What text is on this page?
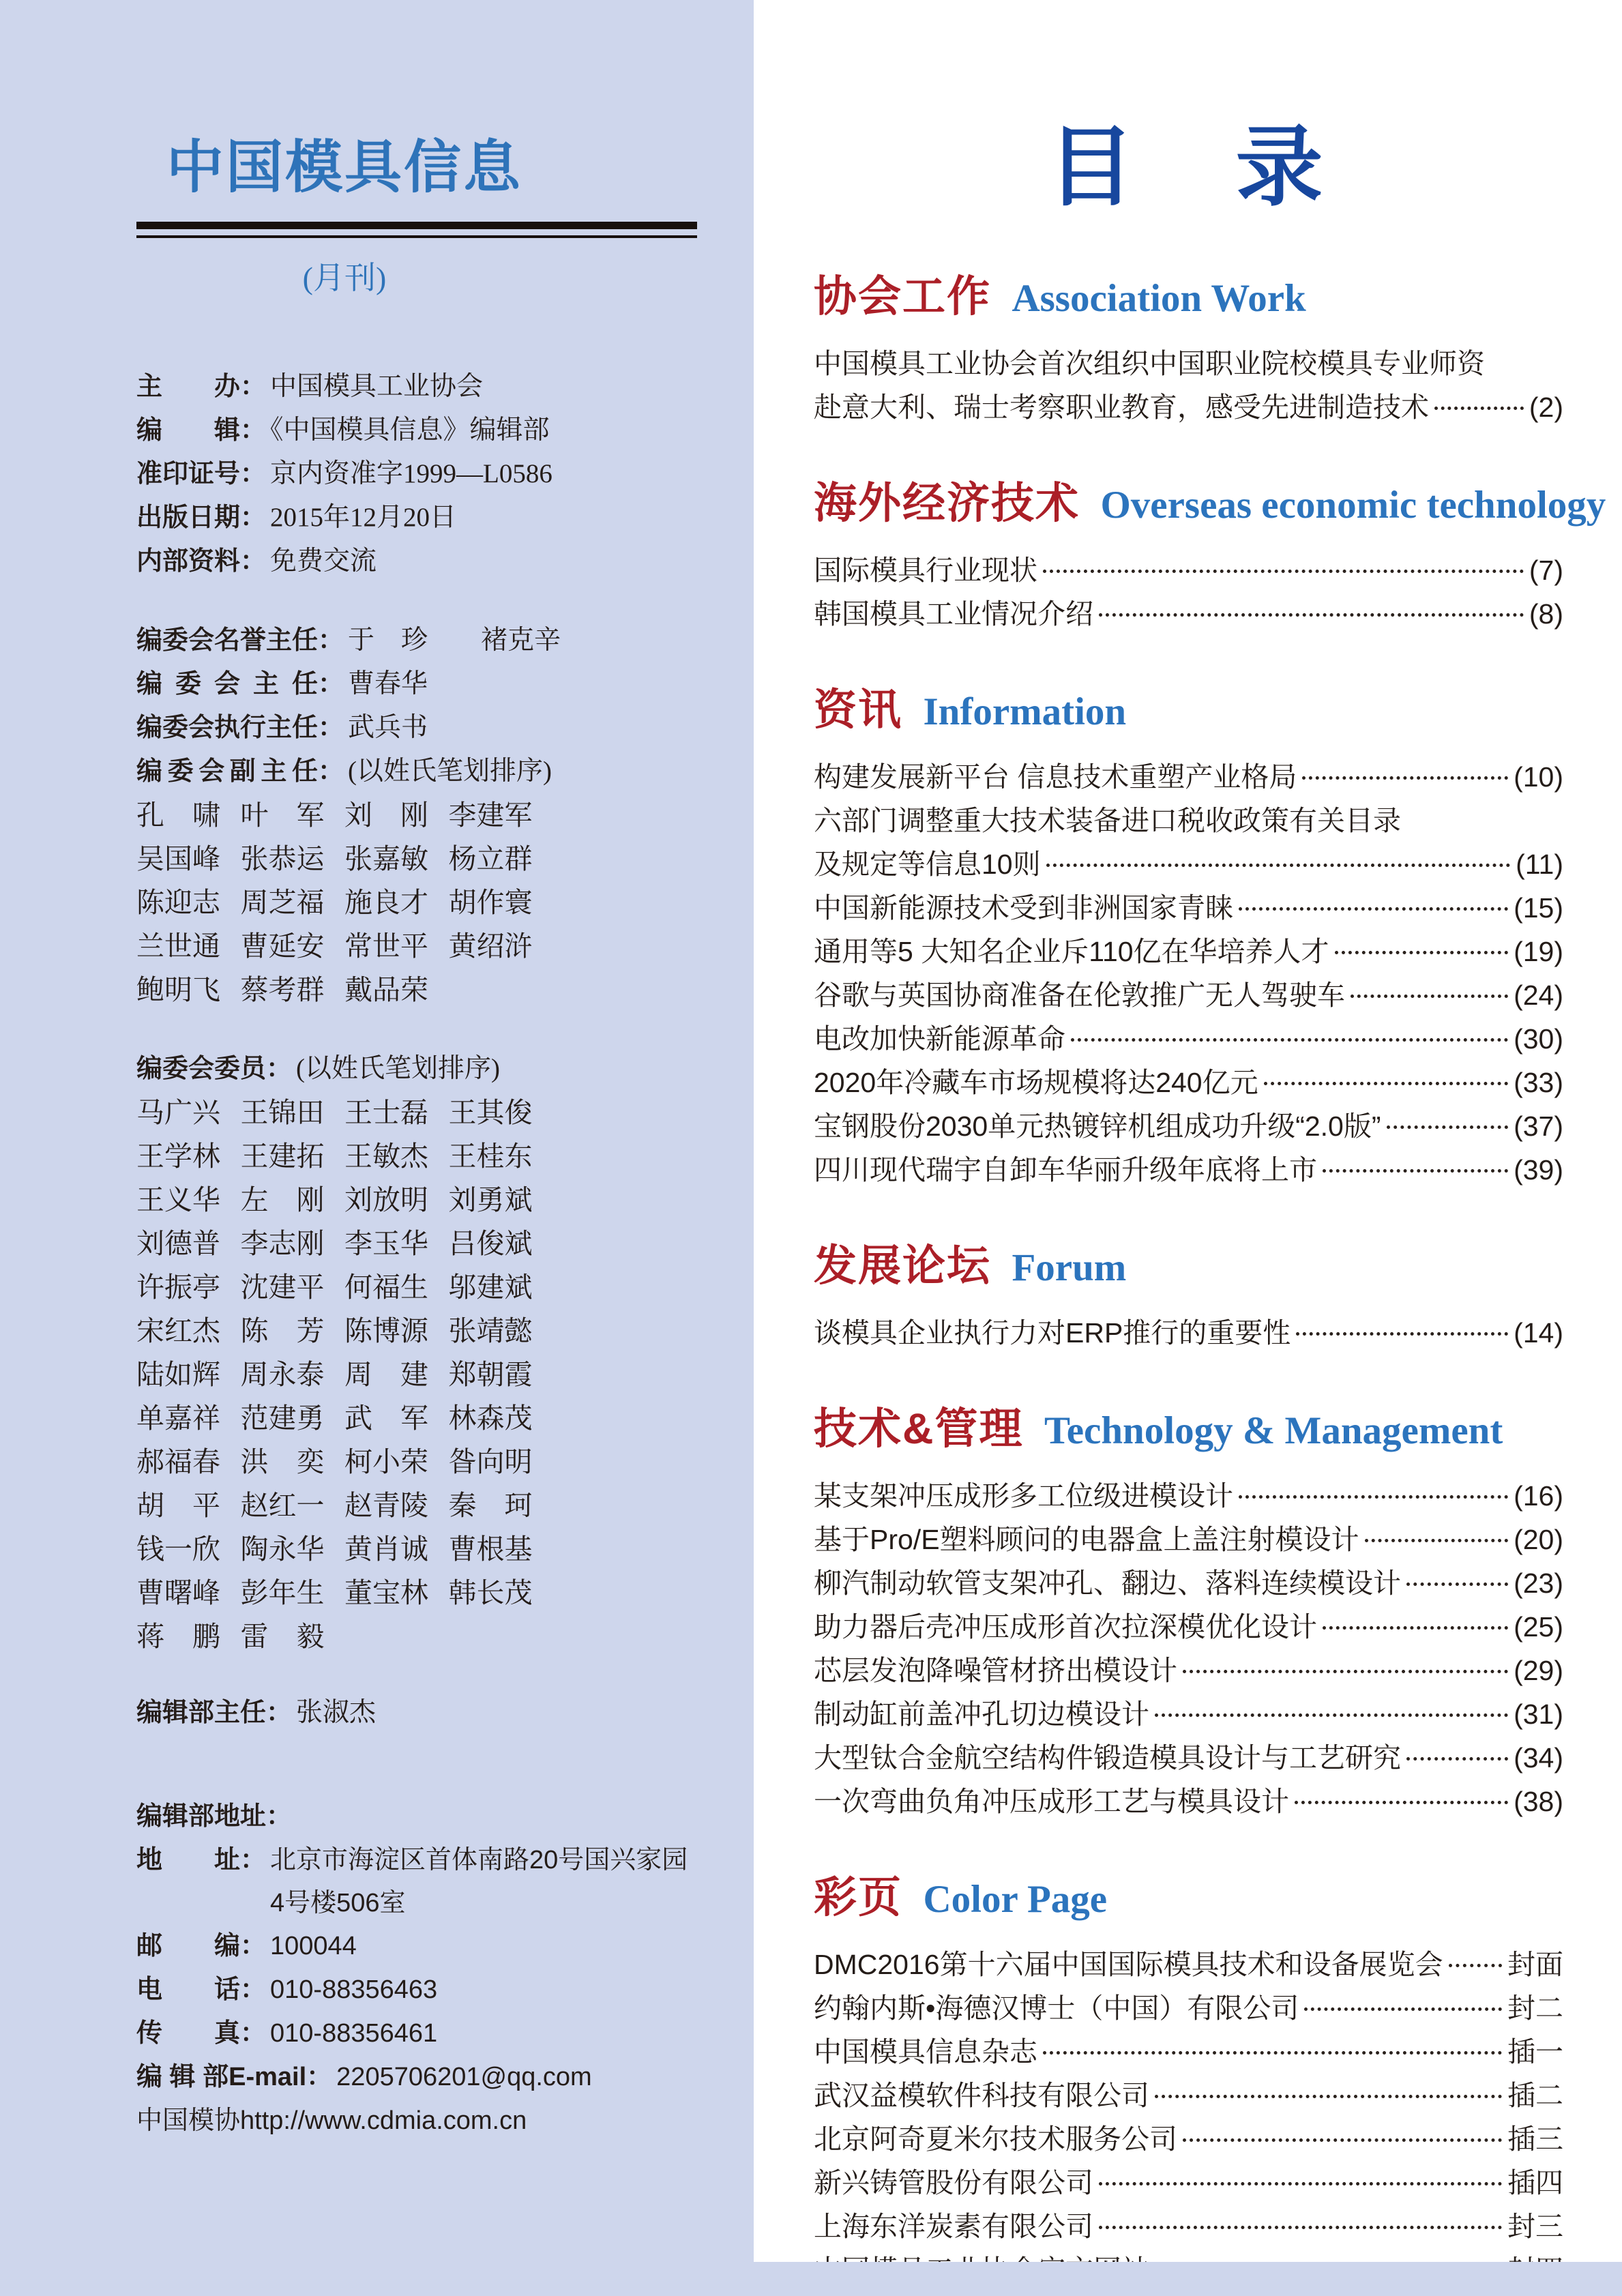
中国模具信息
(月刊)
主办： 中国模具工业协会
编辑： 《中国模具信息》编辑部
准印证号： 京内资准字1999—L0586
出版日期： 2015年12月20日
内部资料： 免费交流
编委会名誉主任： 于　珍　　褚克辛
编委会主任： 曹春华
编委会执行主任： 武兵书
编委会副主任： (以姓氏笔划排序)
孔　啸 叶　军 刘　刚 李建军
吴国峰 张恭运 张嘉敏 杨立群
陈迎志 周芝福 施良才 胡作寰
兰世通 曹延安 常世平 黄绍浒
鲍明飞 蔡考群 戴品荣
编委会委员： (以姓氏笔划排序)
马广兴 王锦田 王士磊 王其俊
王学林 王建拓 王敏杰 王桂东
王义华 左　刚 刘放明 刘勇斌
刘德普 李志刚 李玉华 吕俊斌
许振亭 沈建平 何福生 邬建斌
宋红杰 陈　芳 陈博源 张靖懿
陆如辉 周永泰 周　建 郑朝霞
单嘉祥 范建勇 武　军 林森茂
郝福春 洪　奕 柯小荣 昝向明
胡　平 赵红一 赵青陵 秦　珂
钱一欣 陶永华 黄肖诚 曹根基
曹曙峰 彭年生 董宝林 韩长茂
蒋　鹏 雷　毅
编辑部主任： 张淑杰
编辑部地址：
地址： 北京市海淀区首体南路20号国兴家园
4号楼506室
邮编： 100044
电话： 010-88356463
传真： 010-88356461
编 辑 部E-mail： 2205706201@qq.com
中国模协http://www.cdmia.com.cn
目　录
协会工作 Association Work
中国模具工业协会首次组织中国职业院校模具专业师资
赴意大利、瑞士考察职业教育，感受先进制造技术	(2)
海外经济技术 Overseas economic technology
国际模具行业现状	(7)
韩国模具工业情况介绍	(8)
资讯 Information
构建发展新平台 信息技术重塑产业格局	(10)
六部门调整重大技术装备进口税收政策有关目录
及规定等信息10则	(11)
中国新能源技术受到非洲国家青睐	(15)
通用等5 大知名企业斥110亿在华培养人才	(19)
谷歌与英国协商准备在伦敦推广无人驾驶车	(24)
电改加快新能源革命	(30)
2020年冷藏车市场规模将达240亿元	(33)
宝钢股份2030单元热镀锌机组成功升级“2.0版”	(37)
四川现代瑞宇自卸车华丽升级年底将上市	(39)
发展论坛 Forum
谈模具企业执行力对ERP推行的重要性	(14)
技术&管理 Technology & Management
某支架冲压成形多工位级进模设计	(16)
基于Pro/E塑料顾问的电器盒上盖注射模设计	(20)
柳汽制动软管支架冲孔、翻边、落料连续模设计	(23)
助力器后壳冲压成形首次拉深模优化设计	(25)
芯层发泡降噪管材挤出模设计	(29)
制动缸前盖冲孔切边模设计	(31)
大型钛合金航空结构件锻造模具设计与工艺研究	(34)
一次弯曲负角冲压成形工艺与模具设计	(38)
彩页 Color Page
DMC2016第十六届中国国际模具技术和设备展览会 封面
约翰内斯•海德汉博士（中国）有限公司	封二
中国模具信息杂志	插一
武汉益模软件科技有限公司	插二
北京阿奇夏米尔技术服务公司	插三
新兴铸管股份有限公司	插四
上海东洋炭素有限公司	封三
